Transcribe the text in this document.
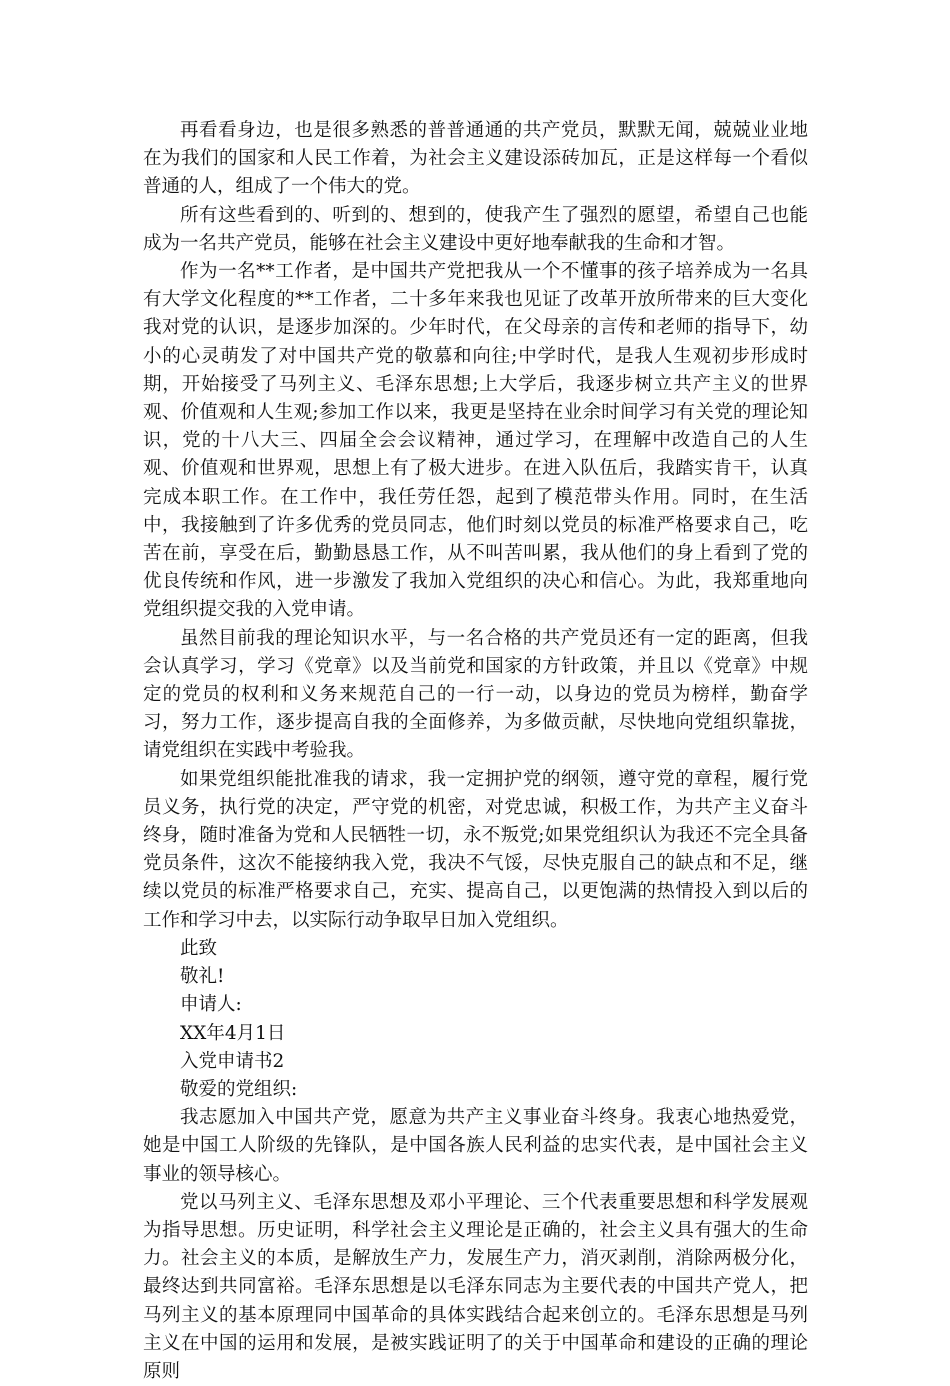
再看看身边，也是很多熟悉的普普通通的共产党员，默默无闻，兢兢业业地在为我们的国家和人民工作着，为社会主义建设添砖加瓦，正是这样每一个看似普通的人，组成了一个伟大的党。

所有这些看到的、听到的、想到的，使我产生了强烈的愿望，希望自己也能成为一名共产党员，能够在社会主义建设中更好地奉献我的生命和才智。

作为一名**工作者，是中国共产党把我从一个不懂事的孩子培养成为一名具有大学文化程度的**工作者，二十多年来我也见证了改革开放所带来的巨大变化我对党的认识，是逐步加深的。少年时代，在父母亲的言传和老师的指导下，幼小的心灵萌发了对中国共产党的敬慕和向往;中学时代，是我人生观初步形成时期，开始接受了马列主义、毛泽东思想;上大学后，我逐步树立共产主义的世界观、价值观和人生观;参加工作以来，我更是坚持在业余时间学习有关党的理论知识，党的十八大三、四届全会会议精神，通过学习，在理解中改造自己的人生观、价值观和世界观，思想上有了极大进步。在进入队伍后，我踏实肯干，认真完成本职工作。在工作中，我任劳任怨，起到了模范带头作用。同时，在生活中，我接触到了许多优秀的党员同志，他们时刻以党员的标准严格要求自己，吃苦在前，享受在后，勤勤恳恳工作，从不叫苦叫累，我从他们的身上看到了党的优良传统和作风，进一步激发了我加入党组织的决心和信心。为此，我郑重地向党组织提交我的入党申请。

虽然目前我的理论知识水平，与一名合格的共产党员还有一定的距离，但我会认真学习，学习《党章》以及当前党和国家的方针政策，并且以《党章》中规定的党员的权利和义务来规范自己的一行一动，以身边的党员为榜样，勤奋学习，努力工作，逐步提高自我的全面修养，为多做贡献，尽快地向党组织靠拢，请党组织在实践中考验我。

如果党组织能批准我的请求，我一定拥护党的纲领，遵守党的章程，履行党员义务，执行党的决定，严守党的机密，对党忠诚，积极工作，为共产主义奋斗终身，随时准备为党和人民牺牲一切，永不叛党;如果党组织认为我还不完全具备党员条件，这次不能接纳我入党，我决不气馁，尽快克服自己的缺点和不足，继续以党员的标准严格要求自己，充实、提高自己，以更饱满的热情投入到以后的工作和学习中去，以实际行动争取早日加入党组织。

此致

敬礼!

申请人:

XX年4月1日

入党申请书2

敬爱的党组织:

我志愿加入中国共产党，愿意为共产主义事业奋斗终身。我衷心地热爱党，她是中国工人阶级的先锋队，是中国各族人民利益的忠实代表，是中国社会主义事业的领导核心。

党以马列主义、毛泽东思想及邓小平理论、三个代表重要思想和科学发展观为指导思想。历史证明，科学社会主义理论是正确的，社会主义具有强大的生命力。社会主义的本质，是解放生产力，发展生产力，消灭剥削，消除两极分化，最终达到共同富裕。毛泽东思想是以毛泽东同志为主要代表的中国共产党人，把马列主义的基本原理同中国革命的具体实践结合起来创立的。毛泽东思想是马列主义在中国的运用和发展，是被实践证明了的关于中国革命和建设的正确的理论原则
